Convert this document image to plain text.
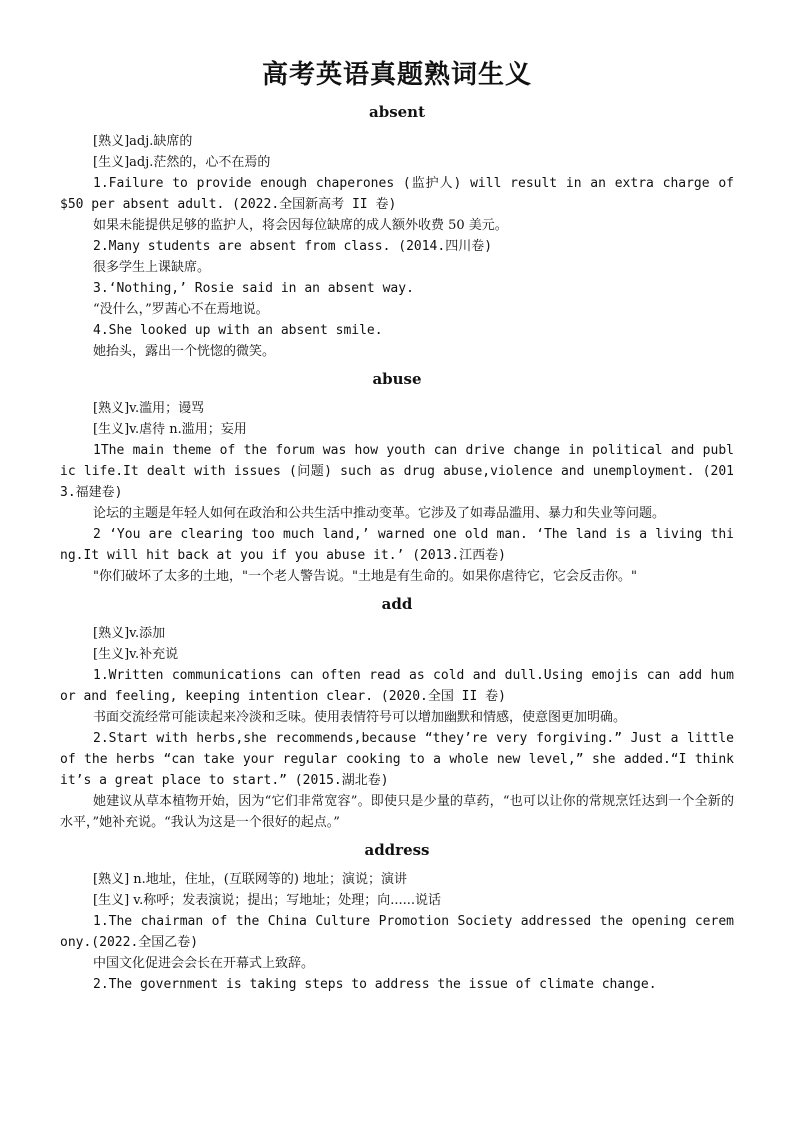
高考英语真题熟词生义
absent

[熟义]adj.缺席的

[生义]adj.茫然的，心不在焉的

1.Failure to provide enough chaperones (监护人) will result in an extra charge of $50 per absent adult. (2022.全国新高考 II 卷)

如果未能提供足够的监护人，将会因每位缺席的成人额外收费 50 美元。

2.Many students are absent from class. (2014.四川卷)

很多学生上课缺席。

3.‘Nothing,’ Rosie said in an absent way.

“没什么，”罗茜心不在焉地说。

4.She looked up with an absent smile.

她抬头，露出一个恍惚的微笑。

abuse

[熟义]v.滥用；谩骂

[生义]v.虐待 n.滥用；妄用

1The main theme of the forum was how youth can drive change in political and public life.It dealt with issues (问题) such as drug abuse,violence and unemployment. (2013.福建卷)

论坛的主题是年轻人如何在政治和公共生活中推动变革。它涉及了如毒品滥用、暴力和失业等问题。

2 ‘You are clearing too much land,’ warned one old man. ‘The land is a living thing.It will hit back at you if you abuse it.’ (2013.江西卷)

"你们破坏了太多的土地，"一个老人警告说。"土地是有生命的。如果你虐待它，它会反击你。"

add

[熟义]v.添加

[生义]v.补充说

1.Written communications can often read as cold and dull.Using emojis can add humor and feeling, keeping intention clear. (2020.全国 II 卷)

书面交流经常可能读起来冷淡和乏味。使用表情符号可以增加幽默和情感，使意图更加明确。

2.Start with herbs,she recommends,because “they’re very forgiving.” Just a little of the herbs “can take your regular cooking to a whole new level,” she added.“I think it’s a great place to start.” (2015.湖北卷)

她建议从草本植物开始，因为“它们非常宽容”。即使只是少量的草药，“也可以让你的常规烹饪达到一个全新的水平，”她补充说。“我认为这是一个很好的起点。”

address

[熟义] n.地址，住址，(互联网等的) 地址；演说；演讲

[生义] v.称呼；发表演说；提出；写地址；处理；向......说话

1.The chairman of the China Culture Promotion Society addressed the opening ceremony.(2022.全国乙卷)

中国文化促进会会长在开幕式上致辞。

2.The government is taking steps to address the issue of climate change.
